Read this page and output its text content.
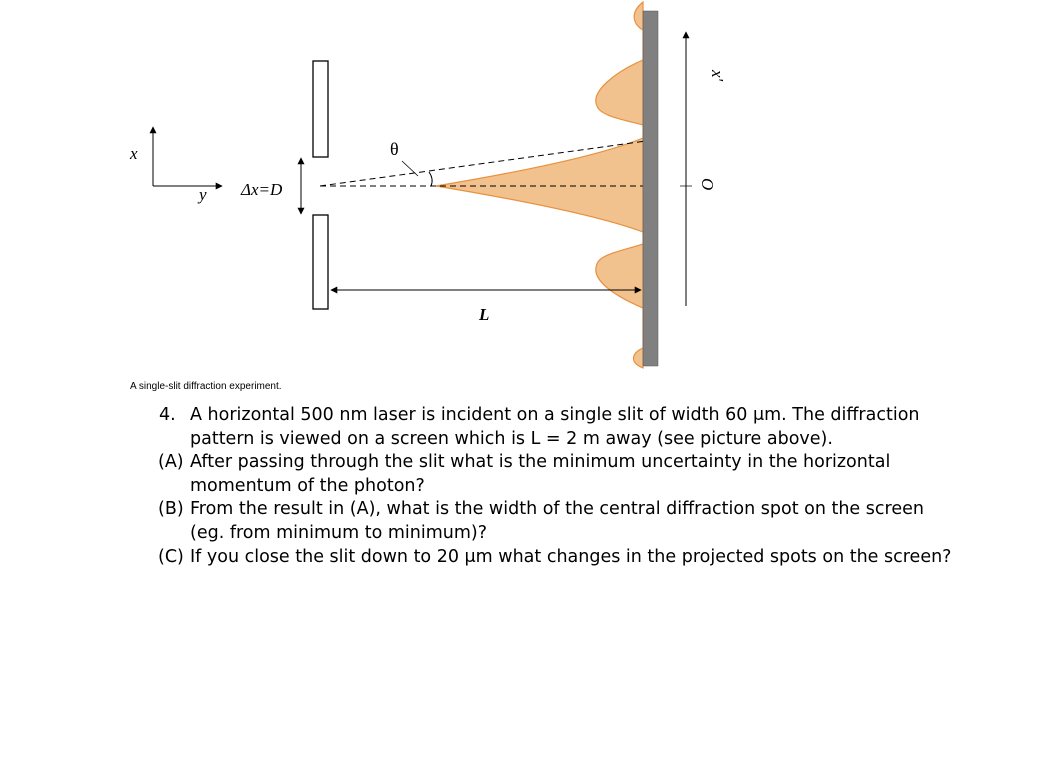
x
y Δx=D
θ
L
x'
O
A single-slit diffraction experiment.
4. A horizontal 500 nm laser is incident on a single slit of width 60 μm. The diffraction pattern is viewed on a screen which is L = 2 m away (see picture above).
(A) After passing through the slit what is the minimum uncertainty in the horizontal momentum of the photon?
(B) From the result in (A), what is the width of the central diffraction spot on the screen (eg. from minimum to minimum)?
(C) If you close the slit down to 20 μm what changes in the projected spots on the screen?
